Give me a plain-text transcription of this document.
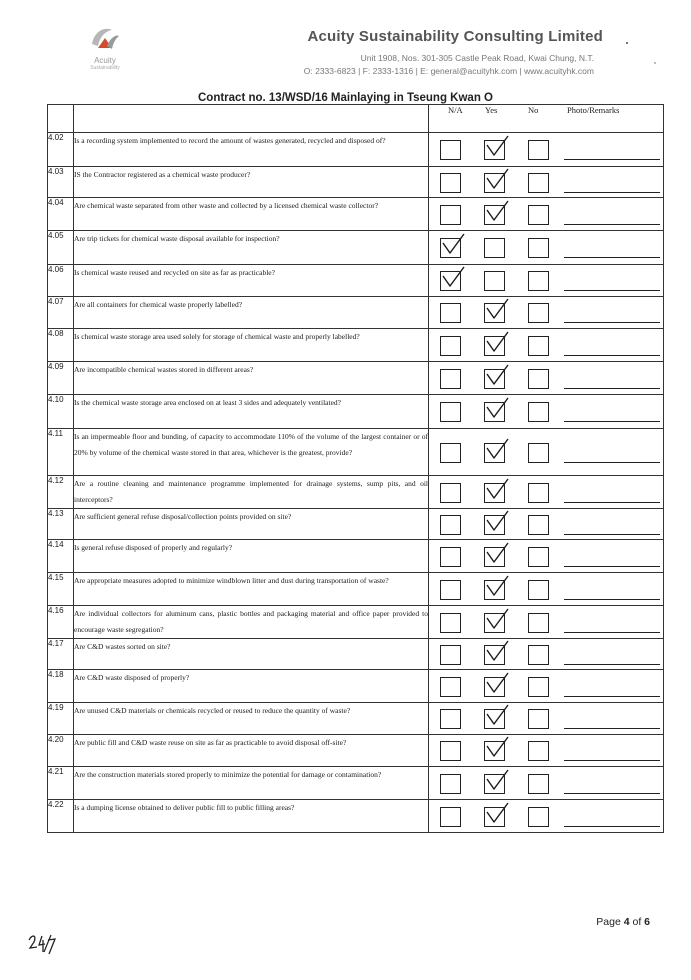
Acuity
Sustainability
Acuity Sustainability Consulting Limited
Unit 1908, Nos. 301-305 Castle Peak Road, Kwai Chung, N.T.
O: 2333-6823 | F: 2333-1316 | E: general@acuityhk.com | www.acuityhk.com
Contract no. 13/WSD/16 Mainlaying in Tseung Kwan O

		N/A Yes No Photo/Remarks

4.02	Is a recording system implemented to record the amount of wastes generated, recycled and disposed of?	

4.03	IS the Contractor registered as a chemical waste producer?	

4.04	Are chemical waste separated from other waste and collected by a licensed chemical waste collector?	

4.05	Are trip tickets for chemical waste disposal available for inspection?	

4.06	Is chemical waste reused and recycled on site as far as practicable?	

4.07	Are all containers for chemical waste properly labelled?	

4.08	Is chemical waste storage area used solely for storage of chemical waste and properly labelled?	

4.09	Are incompatible chemical wastes stored in different areas?	

4.10	Is the chemical waste storage area enclosed on at least 3 sides and adequately ventilated?	

4.11	Is an impermeable floor and bunding, of capacity to accommodate 110% of the volume of the largest container or of 20% by volume of the chemical waste stored in that area, whichever is the greatest, provide?	

4.12	Are a routine cleaning and maintenance programme implemented for drainage systems, sump pits, and oil interceptors?	

4.13	Are sufficient general refuse disposal/collection points provided on site?	

4.14	Is general refuse disposed of properly and regularly?	

4.15	Are appropriate measures adopted to minimize windblown litter and dust during transportation of waste?	

4.16	Are individual collectors for aluminum cans, plastic bottles and packaging material and office paper provided to encourage waste segregation?	

4.17	Are C&D wastes sorted on site?	

4.18	Are C&D waste disposed of properly?	

4.19	Are unused C&D materials or chemicals recycled or reused to reduce the quantity of waste?	

4.20	Are public fill and C&D waste reuse on site as far as practicable to avoid disposal off-site?	

4.21	Are the construction materials stored properly to minimize the potential for damage or contamination?	

4.22	Is a dumping license obtained to deliver public fill to public filling areas?	
Page 4 of 6
